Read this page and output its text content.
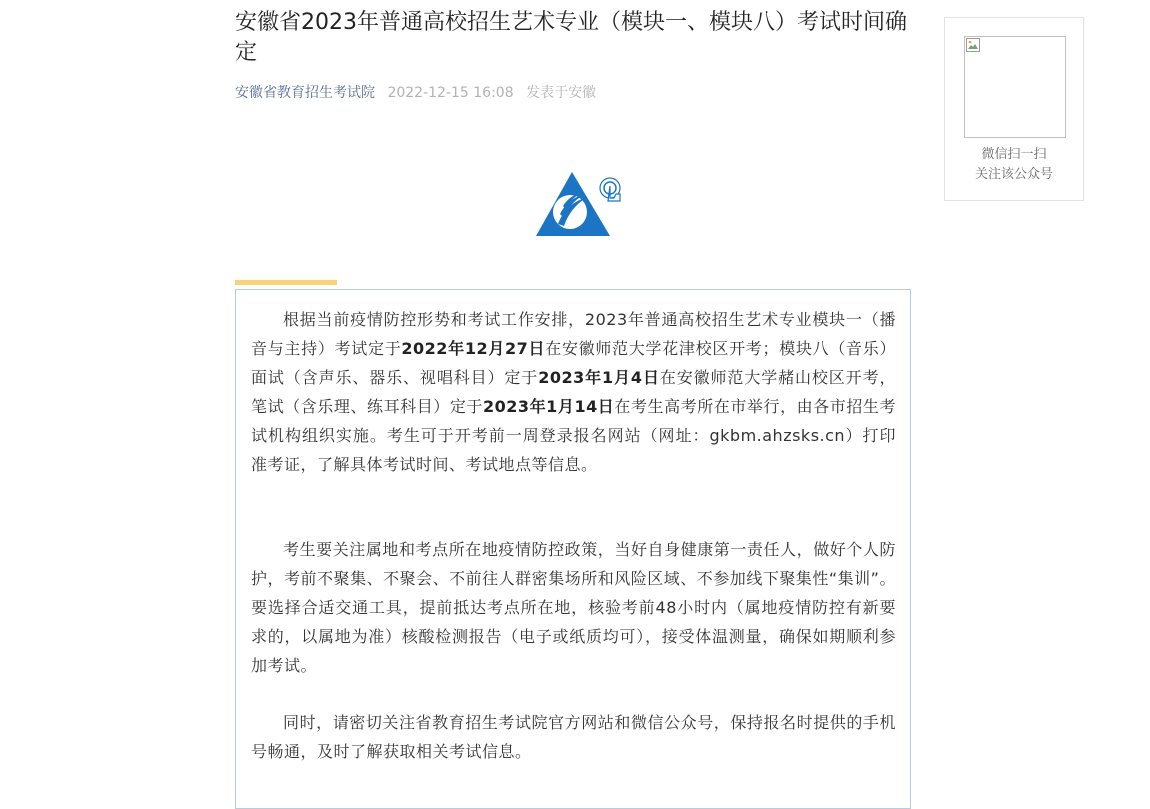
安徽省2023年普通高校招生艺术专业（模块一、模块八）考试时间确定
安徽省教育招生考试院 2022-12-15 16:08 发表于安徽

根据当前疫情防控形势和考试工作安排，2023年普通高校招生艺术专业模块一（播音与主持）考试定于2022年12月27日在安徽师范大学花津校区开考；模块八（音乐）面试（含声乐、器乐、视唱科目）定于2023年1月4日在安徽师范大学赭山校区开考，笔试（含乐理、练耳科目）定于2023年1月14日在考生高考所在市举行，由各市招生考试机构组织实施。考生可于开考前一周登录报名网站（网址：gkbm.ahzsks.cn）打印准考证，了解具体考试时间、考试地点等信息。

考生要关注属地和考点所在地疫情防控政策，当好自身健康第一责任人，做好个人防护，考前不聚集、不聚会、不前往人群密集场所和风险区域、不参加线下聚集性“集训”。要选择合适交通工具，提前抵达考点所在地，核验考前48小时内（属地疫情防控有新要求的，以属地为准）核酸检测报告（电子或纸质均可），接受体温测量，确保如期顺利参加考试。

同时，请密切关注省教育招生考试院官方网站和微信公众号，保持报名时提供的手机号畅通，及时了解获取相关考试信息。

微信扫一扫
关注该公众号
